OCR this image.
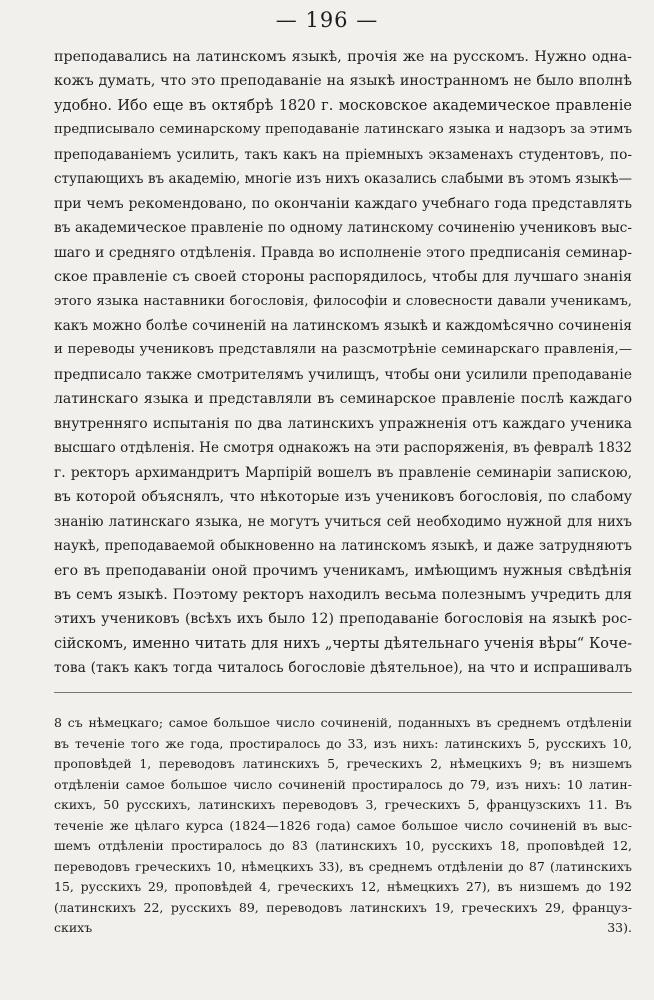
— 196 —
преподавались на латинскомъ языкѣ, прочія же на русскомъ. Нужно однa-
кожъ думать, что это преподаваніе на языкѣ иностранномъ не было вполнѣ
удобно. Ибо еще въ октябрѣ 1820 г. московское академическое правленіе
предписывало семинарскому преподаваніе латинскаго языка и надзоръ за этимъ
преподаваніемъ усилить, такъ какъ на пріемныхъ экзаменахъ студентовъ, по-
ступающихъ въ академію, многіе изъ нихъ оказались слабыми въ этомъ языкѣ—
при чемъ рекомендовано, по окончаніи каждаго учебнаго года представлять
въ академическое правленіе по одному латинскому сочиненію учениковъ выс-
шаго и средняго отдѣленія. Правда во исполненіе этого предписанія семинар-
ское правленіе съ своей стороны распорядилось, чтобы для лучшаго знанія
этого языка наставники богословія, философіи и словесности давали ученикамъ,
какъ можно болѣе сочиненій на латинскомъ языкѣ и каждомѣсячно сочиненія
и переводы учениковъ представляли на разсмотрѣніе семинарскаго правленія,—
предписало также смотрителямъ училищъ, чтобы они усилили преподаваніе
латинскаго языка и представляли въ семинарское правленіе послѣ каждаго
внутренняго испытанія по два латинскихъ упражненія отъ каждаго ученика
высшаго отдѣленія. Не смотря однакожъ на эти распоряженія, въ февралѣ 1832
г. ректоръ архимандритъ Марпірій вошелъ въ правленіе семинаріи запискою,
въ которой объяснялъ, что нѣкоторые изъ учениковъ богословія, по слабому
знанію латинскаго языка, не могутъ учиться сей необходимо нужной для нихъ
наукѣ, преподаваемой обыкновенно на латинскомъ языкѣ, и даже затрудняютъ
его въ преподаваніи оной прочимъ ученикамъ, имѣющимъ нужныя свѣдѣнія
въ семъ языкѣ. Поэтому ректоръ находилъ весьма полезнымъ учредить для
этихъ учениковъ (всѣхъ ихъ было 12) преподаваніе богословія на языкѣ рос-
сійскомъ, именно читать для нихъ „черты дѣятельнаго ученія вѣры“ Кочe-
това (такъ какъ тогда читалось богословіе дѣятельное), на что и испрашивалъ
8 съ нѣмецкаго; самое большое число сочиненій, поданныхъ въ среднемъ отдѣленіи
въ теченіе того же года, простиралось до 33, изъ нихъ: латинскихъ 5, русскихъ 10,
проповѣдей 1, переводовъ латинскихъ 5, греческихъ 2, нѣмецкихъ 9; въ низшемъ
отдѣленіи самое большое число сочиненій простиралось до 79, изъ нихъ: 10 латин-
скихъ, 50 русскихъ, латинскихъ переводовъ 3, греческихъ 5, французскихъ 11. Въ
теченіе же цѣлаго курса (1824—1826 года) самое большое число сочиненій въ выс-
шемъ отдѣленіи простиралось до 83 (латинскихъ 10, русскихъ 18, проповѣдей 12,
переводовъ греческихъ 10, нѣмецкихъ 33), въ среднемъ отдѣленіи до 87 (латинскихъ
15, русскихъ 29, проповѣдей 4, греческихъ 12, нѣмецкихъ 27), въ низшемъ до 192
(латинскихъ 22, русскихъ 89, переводовъ латинскихъ 19, греческихъ 29, францyз-
скихъ 33).
